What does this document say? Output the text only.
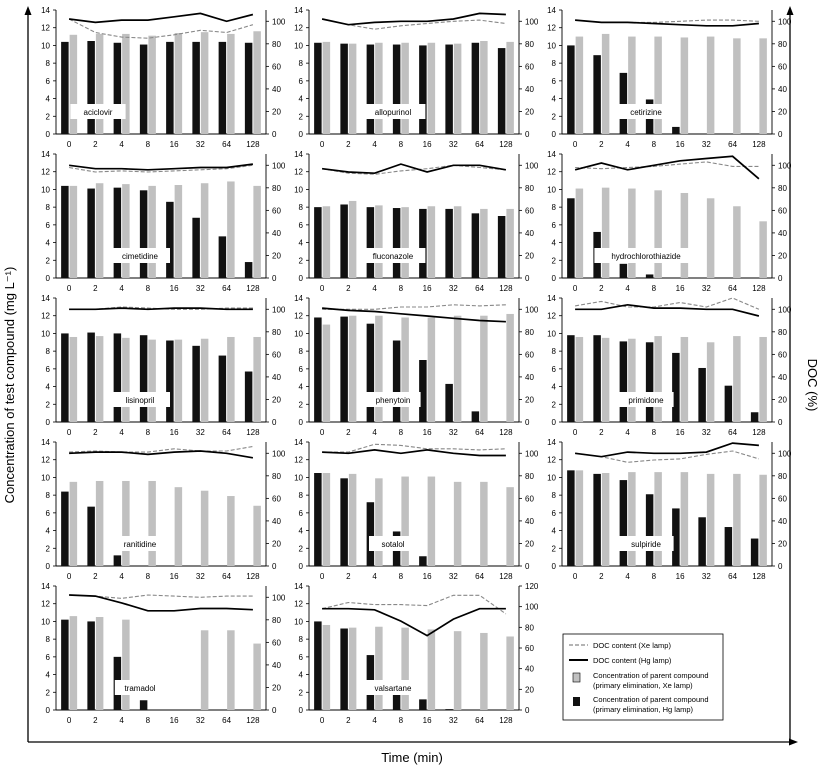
0
2
4
6
8
10
12
14
0
20
40
60
80
100
0	2	4	8 16 32 64 128
aciclovir
0
2
4
6
8
10
12
14
0
20
40
60
80
100
0	2	4	8 16 32 64 128
allopurinol
0
2
4
6
8
10
12
14
0
20
40
60
80
100
0	2	4	8 16 32 64 128
cetirizine
0
2
4
6
8
10
12
14
0
20
40
60
80
100
0	2	4	8 16 32 64 128
cimetidine
0
2
4
6
8
10
12
14
0
20
40
60
80
100
0	2	4	8 16 32 64 128
fluconazole
0
2
4
6
8
10
12
14
0
20
40
60
80
100
0	2	4	8 16 32 64 128
hydrochlorothiazide
0
2
4
6
8
10
12
14
0
20
40
60
80
100
0	2	4	8 16 32 64 128
lisinopril
0
2
4
6
8
10
12
14
0
20
40
60
80
100
0	2	4	8 16 32 64 128
phenytoin
0
2
4
6
8
10
12
14
0
20
40
60
80
100
0	2	4	8 16 32 64 128
primidone
0
2
4
6
8
10
12
14
0
20
40
60
80
100
0	2	4	8 16 32 64 128
ranitidine
0
2
4
6
8
10
12
14
0
20
40
60
80
100
0	2	4	8 16 32 64 128
sotalol
0
2
4
6
8
10
12
14
0
20
40
60
80
100
0	2	4	8 16 32 64 128
sulpiride
0
2
4
6
8
10
12
14
0
20
40
60
80
100
0	2	4	8 16 32 64 128
tramadol
0
2
4
6
8
10
12
14
0
20
40
60
80
100
120
0	2	4	8 16 32 64 128
valsartane
Concentration of test compound (mg L⁻¹)	DOC (%)
Time (min)
DOC content (Xe lamp)
DOC content (Hg lamp)
Concentration of parent compound
(primary elimination, Xe lamp)
Concentration of parent compound
(primary elimination, Hg lamp)
